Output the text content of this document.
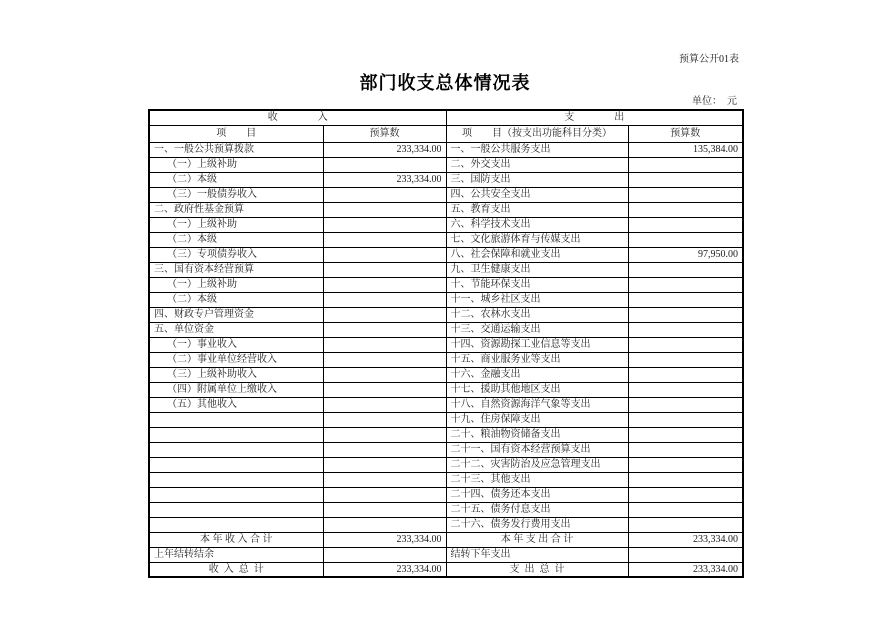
预算公开01表
部门收支总体情况表
单位：　元
收　　　　入		支　　　　出	
项　　目	预算数	项　　目（按支出功能科目分类）	预算数
一、一般公共预算拨款	233,334.00	一、一般公共服务支出	135,384.00
（一）上级补助		二、外交支出	
（二）本级	233,334.00	三、国防支出	
（三）一般债券收入		四、公共安全支出	
二、政府性基金预算		五、教育支出	
（一）上级补助		六、科学技术支出	
（二）本级		七、文化旅游体育与传媒支出	
（三）专项债券收入		八、社会保障和就业支出	97,950.00
三、国有资本经营预算		九、卫生健康支出	
（一）上级补助		十、节能环保支出	
（二）本级		十一、城乡社区支出	
四、财政专户管理资金		十二、农林水支出	
五、单位资金		十三、交通运输支出	
（一）事业收入		十四、资源勘探工业信息等支出	
（二）事业单位经营收入		十五、商业服务业等支出	
（三）上级补助收入		十六、金融支出	
（四）附属单位上缴收入		十七、援助其他地区支出	
（五）其他收入		十八、自然资源海洋气象等支出	
		十九、住房保障支出	
		二十、粮油物资储备支出	
		二十一、国有资本经营预算支出	
		二十二、灾害防治及应急管理支出	
		二十三、其他支出	
		二十四、债务还本支出	
		二十五、债务付息支出	
		二十六、债务发行费用支出	
本 年 收 入 合 计	233,334.00	本 年 支 出 合 计	233,334.00
上年结转结余		结转下年支出	
收  入  总  计	233,334.00	支  出  总  计	233,334.00
